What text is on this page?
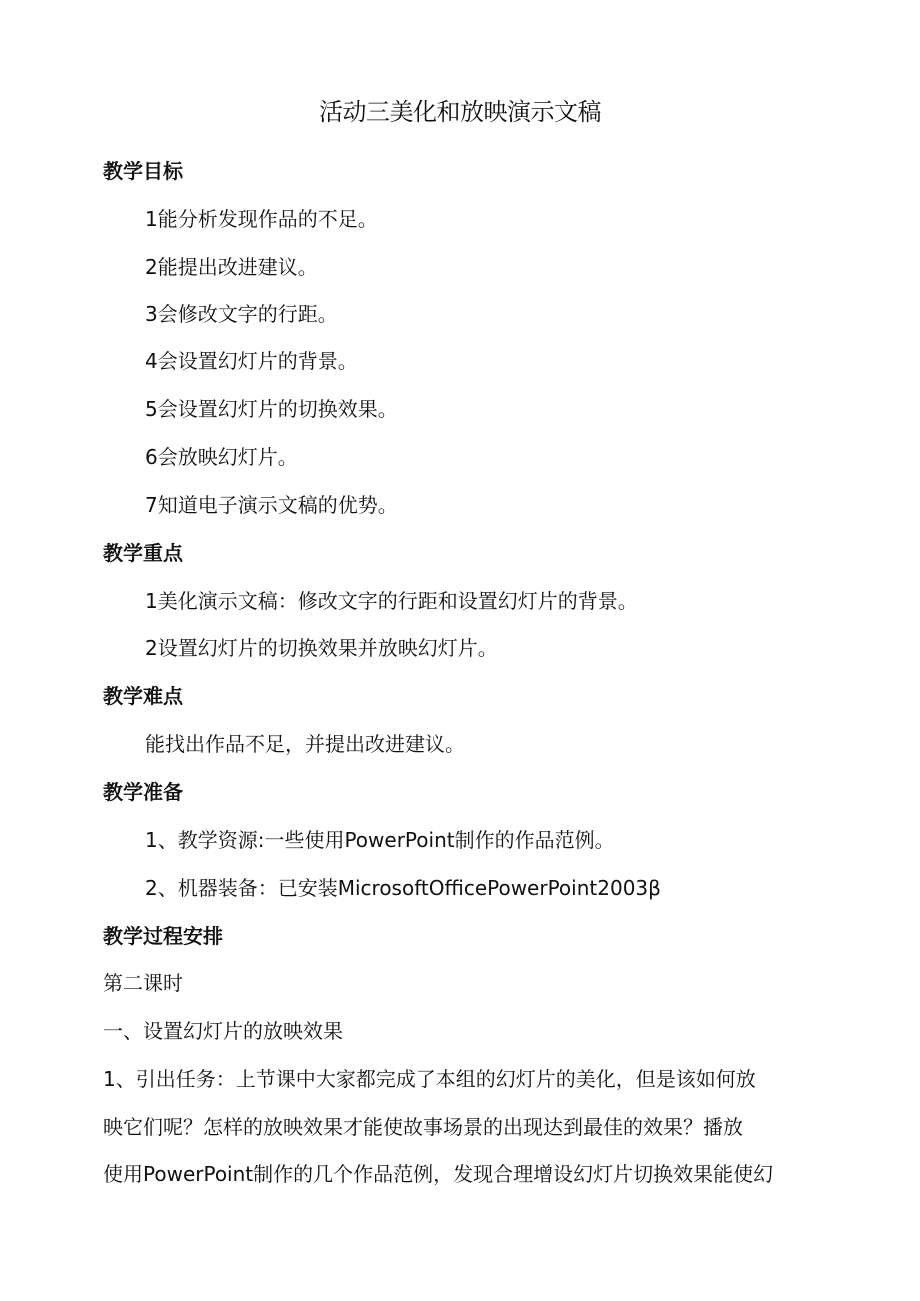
活动三美化和放映演示文稿
教学目标
1能分析发现作品的不足。
2能提出改进建议。
3会修改文字的行距。
4会设置幻灯片的背景。
5会设置幻灯片的切换效果。
6会放映幻灯片。
7知道电子演示文稿的优势。
教学重点
1美化演示文稿：修改文字的行距和设置幻灯片的背景。
2设置幻灯片的切换效果并放映幻灯片。
教学难点
能找出作品不足，并提出改进建议。
教学准备
1、教学资源:一些使用PowerPoint制作的作品范例。
2、机器装备：已安装MicrosoftOfficePowerPoint2003β
教学过程安排
第二课时
一、设置幻灯片的放映效果
1、引出任务：上节课中大家都完成了本组的幻灯片的美化，但是该如何放
映它们呢？怎样的放映效果才能使故事场景的出现达到最佳的效果？播放
使用PowerPoint制作的几个作品范例，发现合理增设幻灯片切换效果能使幻
